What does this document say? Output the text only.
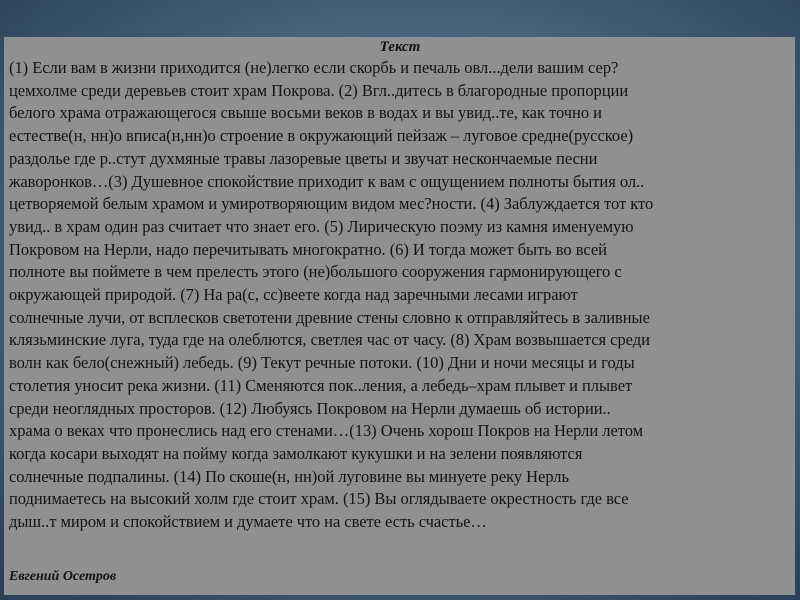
Текст
(1) Если вам в жизни приходится (не)легко если скорбь и печаль овл...дели вашим сер?
цемхолме среди деревьев стоит храм Покрова. (2) Вгл..дитесь в благородные пропорции
белого храма отражающегося свыше восьми веков в водах и вы увид..те, как точно и
естестве(н, нн)о вписа(н,нн)о строение в окружающий пейзаж – луговое средне(русское)
раздолье где р..стут духмяные травы лазоревые цветы и звучат нескончаемые песни
жаворонков…(3) Душевное спокойствие приходит к вам с ощущением полноты бытия ол..
цетворяемой белым храмом и умиротворяющим видом мес?ности. (4) Заблуждается тот кто
увид.. в храм один раз считает что знает его. (5) Лирическую поэму из камня именуемую
Покровом на Нерли, надо перечитывать многократно. (6) И тогда может быть во всей
полноте вы поймете в чем прелесть этого (не)большого сооружения гармонирующего с
окружающей природой. (7) На ра(с, сс)веете когда над заречными лесами играют
солнечные лучи, от всплесков светотени древние стены словно к отправляйтесь в заливные
клязьминские луга, туда где на олеблются, светлея час от часу. (8) Храм возвышается среди
волн как бело(снежный) лебедь. (9) Текут речные потоки. (10) Дни и ночи месяцы и годы
столетия уносит река жизни. (11) Сменяются пок..ления, а лебедь–храм плывет и плывет
среди неоглядных просторов. (12) Любуясь Покровом на Нерли думаешь об истории..
храма о веках что пронеслись над его стенами…(13) Очень хорош Покров на Нерли летом
когда косари выходят на пойму когда замолкают кукушки и на зелени появляются
солнечные подпалины. (14) По скоше(н, нн)ой луговине вы минуете реку Нерль
поднимаетесь на высокий холм где стоит храм. (15) Вы оглядываете окрестность где все
дыш..т миром и спокойствием и думаете что на свете есть счастье…
Евгений Осетров
